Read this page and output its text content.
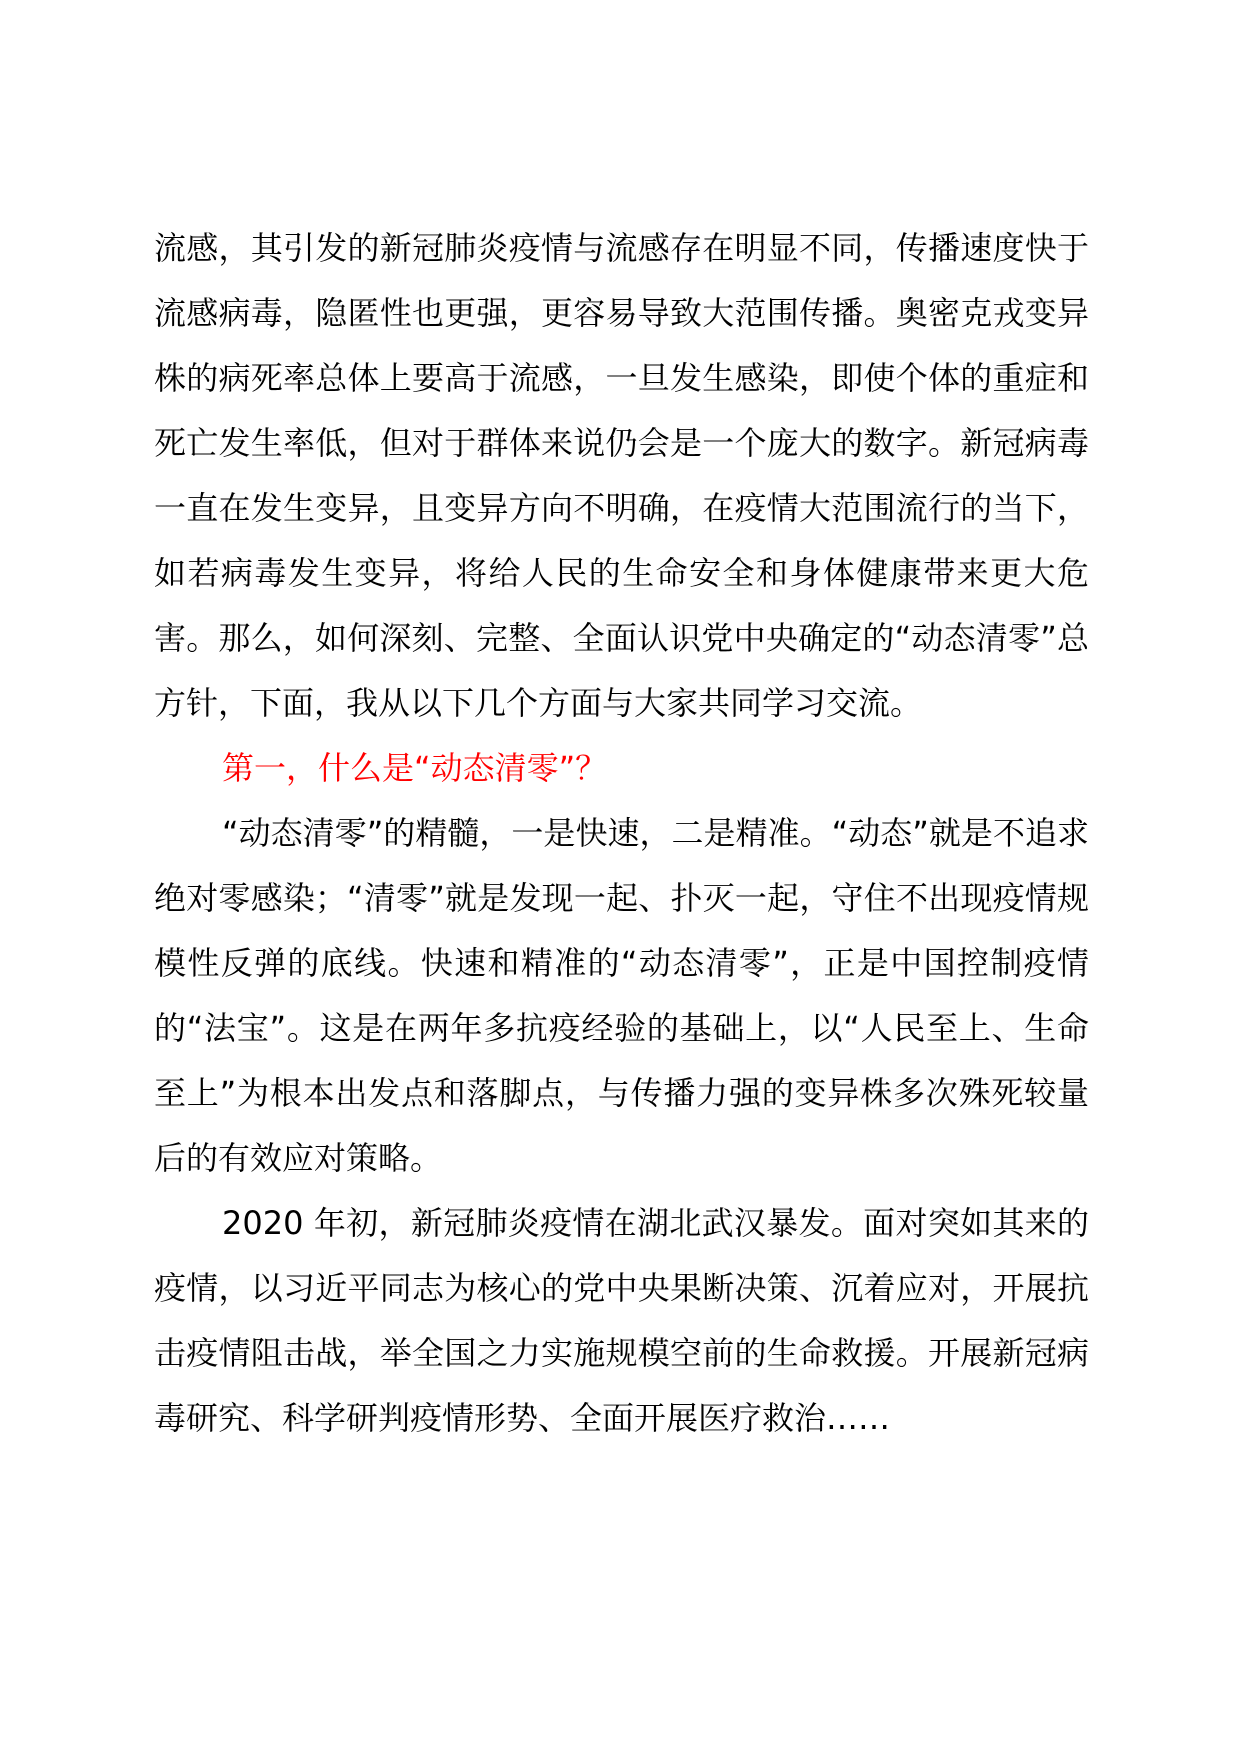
流感，其引发的新冠肺炎疫情与流感存在明显不同，传播速度快于流感病毒，隐匿性也更强，更容易导致大范围传播。奥密克戎变异株的病死率总体上要高于流感，一旦发生感染，即使个体的重症和死亡发生率低，但对于群体来说仍会是一个庞大的数字。新冠病毒一直在发生变异，且变异方向不明确，在疫情大范围流行的当下，如若病毒发生变异，将给人民的生命安全和身体健康带来更大危害。那么，如何深刻、完整、全面认识党中央确定的“动态清零”总方针，下面，我从以下几个方面与大家共同学习交流。

第一，什么是“动态清零”？

“动态清零”的精髓，一是快速，二是精准。“动态”就是不追求绝对零感染；“清零”就是发现一起、扑灭一起，守住不出现疫情规模性反弹的底线。快速和精准的“动态清零”，正是中国控制疫情的“法宝”。这是在两年多抗疫经验的基础上，以“人民至上、生命至上”为根本出发点和落脚点，与传播力强的变异株多次殊死较量后的有效应对策略。

2020 年初，新冠肺炎疫情在湖北武汉暴发。面对突如其来的疫情，以习近平同志为核心的党中央果断决策、沉着应对，开展抗击疫情阻击战，举全国之力实施规模空前的生命救援。开展新冠病毒研究、科学研判疫情形势、全面开展医疗救治……
